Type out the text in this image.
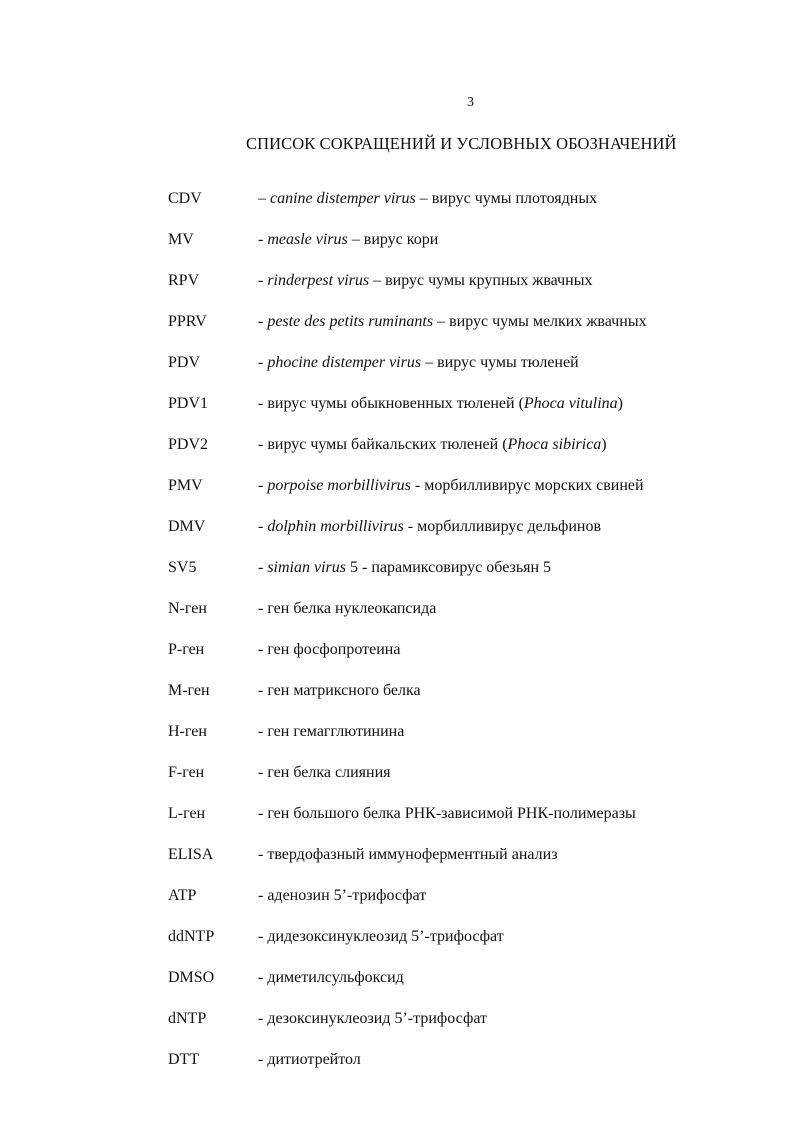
3
СПИСОК СОКРАЩЕНИЙ И УСЛОВНЫХ ОБОЗНАЧЕНИЙ
CDV	– canine distemper virus – вирус чумы плотоядных
MV	- measle virus – вирус кори
RPV	- rinderpest virus – вирус чумы крупных жвачных
PPRV	- peste des petits ruminants – вирус чумы мелких жвачных
PDV	- phocine distemper virus – вирус чумы тюленей
PDV1	- вирус чумы обыкновенных тюленей (Phoca vitulina)
PDV2	- вирус чумы байкальских тюленей (Phoca sibirica)
PMV	- porpoise morbillivirus - морбилливирус морских свиней
DMV	- dolphin morbillivirus - морбилливирус дельфинов
SV5	- simian virus 5 - парамиксовирус обезьян 5
N-ген	- ген белка нуклеокапсида
P-ген	- ген фосфопротеина
M-ген	- ген матриксного белка
H-ген	- ген гемагглютинина
F-ген	- ген белка слияния
L-ген	- ген большого белка РНК-зависимой РНК-полимеразы
ELISA	- твердофазный иммуноферментный анализ
ATP	- аденозин 5’-трифосфат
ddNTP	- дидезоксинуклеозид 5’-трифосфат
DMSO	- диметилсульфоксид
dNTP	- дезоксинуклеозид 5’-трифосфат
DTT	- дитиотрейтол
